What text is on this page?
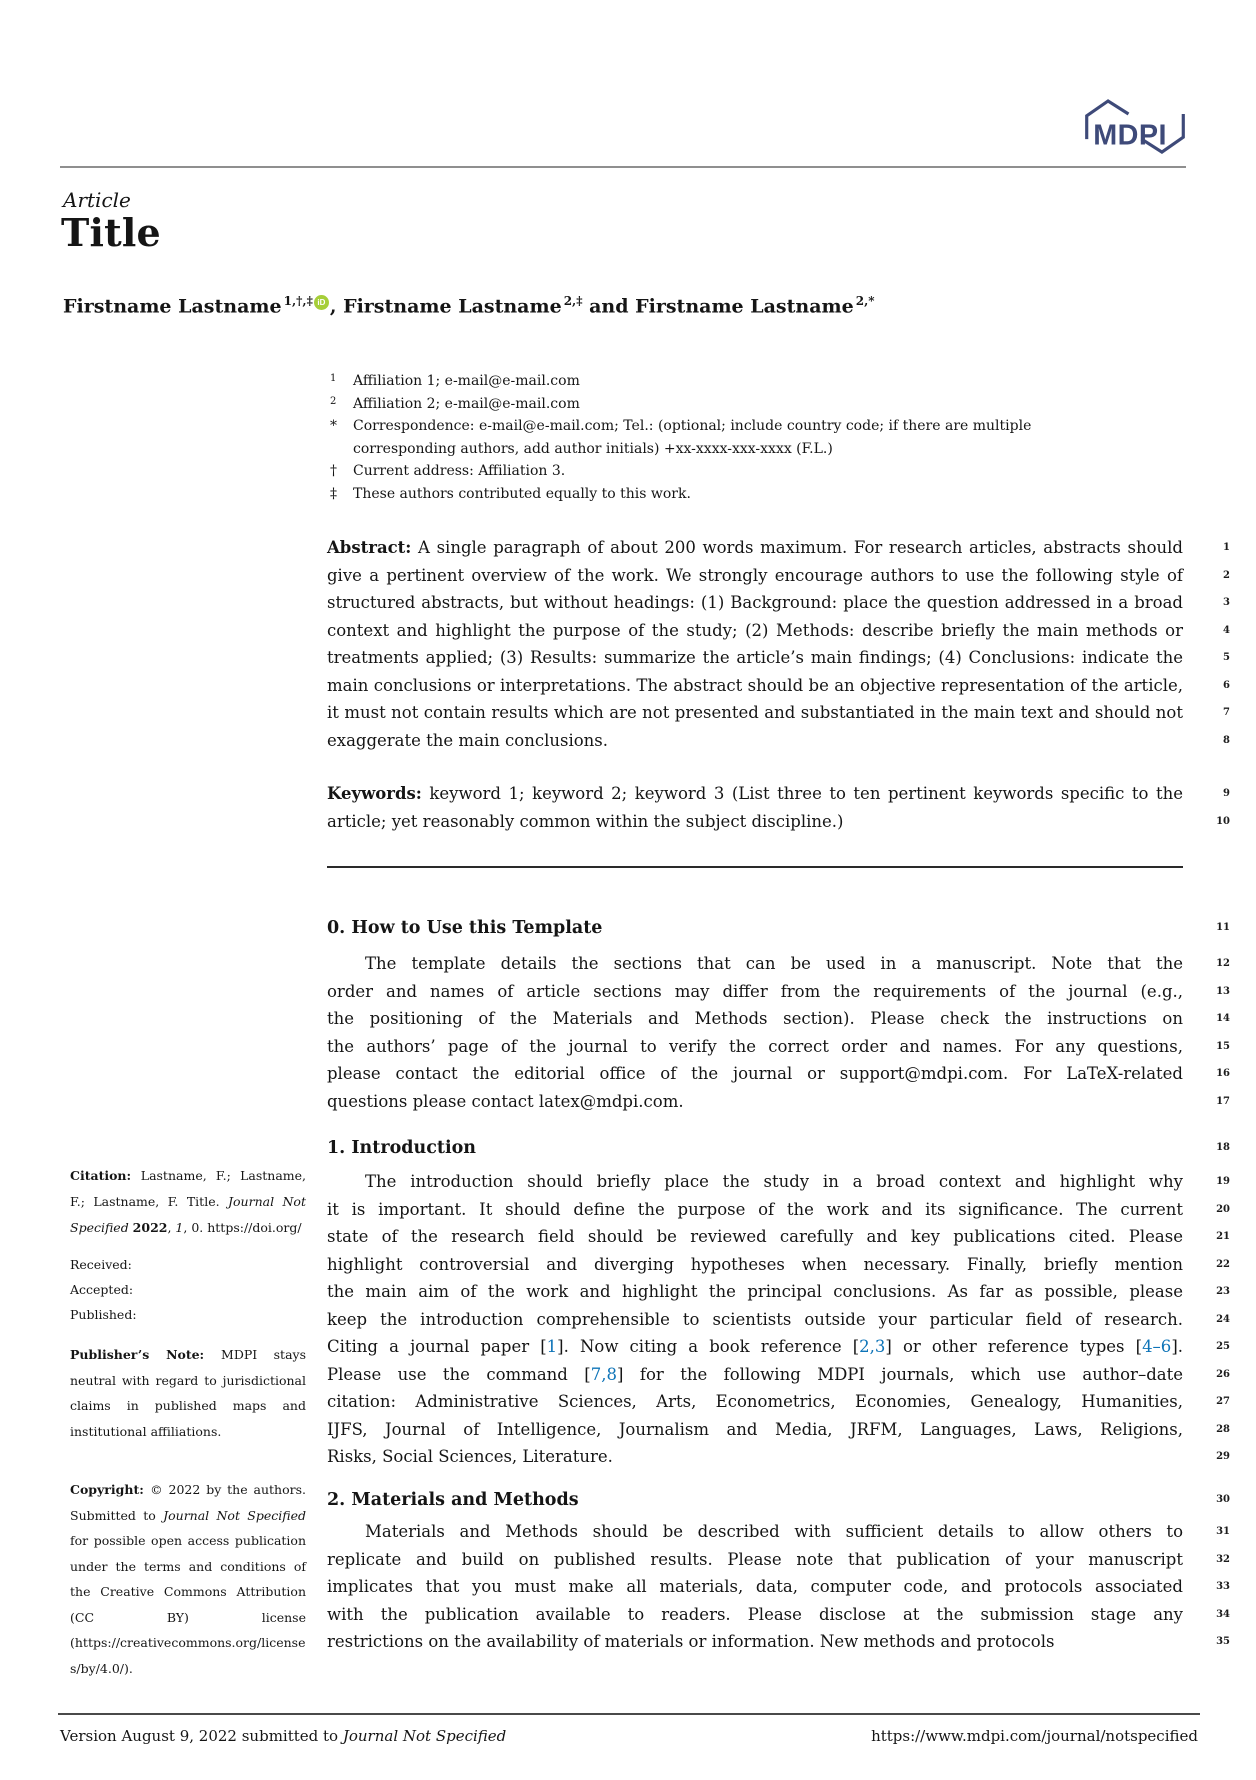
MDPI
Article
Title
Firstname Lastname $^{1,\dagger,\ddagger}$ iD , Firstname Lastname $^{2,\ddagger}$ and Firstname Lastname $^{2,*}$
1	Affiliation 1; e-mail@e-mail.com
2	Affiliation 2; e-mail@e-mail.com
*	Correspondence: e-mail@e-mail.com; Tel.: (optional; include country code; if there are multiple
corresponding authors, add author initials) +xx-xxxx-xxx-xxxx (F.L.)
†	Current address: Affiliation 3.
‡	These authors contributed equally to this work.
Abstract: A single paragraph of about 200 words maximum. For research articles, abstracts should
give a pertinent overview of the work. We strongly encourage authors to use the following style of
structured abstracts, but without headings: (1) Background: place the question addressed in a broad
context and highlight the purpose of the study; (2) Methods: describe briefly the main methods or
treatments applied; (3) Results: summarize the article’s main findings; (4) Conclusions: indicate the
main conclusions or interpretations. The abstract should be an objective representation of the article,
it must not contain results which are not presented and substantiated in the main text and should not
exaggerate the main conclusions.
1
2
3
4
5
6
7
8
Keywords: keyword 1; keyword 2; keyword 3 (List three to ten pertinent keywords specific to the
article; yet reasonably common within the subject discipline.)
9
10
0. How to Use this Template	11
The template details the sections that can be used in a manuscript. Note that the
order and names of article sections may differ from the requirements of the journal (e.g.,
the positioning of the Materials and Methods section). Please check the instructions on
the authors’ page of the journal to verify the correct order and names. For any questions,
please contact the editorial office of the journal or support@mdpi.com. For LaTeX-related
questions please contact latex@mdpi.com.
12
13
14
15
16
17
1. Introduction	18
The introduction should briefly place the study in a broad context and highlight why
it is important. It should define the purpose of the work and its significance. The current
state of the research field should be reviewed carefully and key publications cited. Please
highlight controversial and diverging hypotheses when necessary. Finally, briefly mention
the main aim of the work and highlight the principal conclusions. As far as possible, please
keep the introduction comprehensible to scientists outside your particular field of research.
Citing a journal paper [1]. Now citing a book reference [2,3] or other reference types [4–6].
Please use the command [7,8] for the following MDPI journals, which use author–date
citation: Administrative Sciences, Arts, Econometrics, Economies, Genealogy, Humanities,
IJFS, Journal of Intelligence, Journalism and Media, JRFM, Languages, Laws, Religions,
Risks, Social Sciences, Literature.
19
20
21
22
23
24
25
26
27
28
29
2. Materials and Methods	30
Materials and Methods should be described with sufficient details to allow others to
replicate and build on published results. Please note that publication of your manuscript
implicates that you must make all materials, data, computer code, and protocols associated
with the publication available to readers. Please disclose at the submission stage any
restrictions on the availability of materials or information. New methods and protocols
31
32
33
34
35
Citation: Lastname, F.; Lastname, F.; Lastname, F. Title. Journal Not Specified 2022, 1, 0. https://doi.org/
Received:
Accepted:
Published:
Publisher’s Note: MDPI stays neutral with regard to jurisdictional claims in published maps and institutional affiliations.
Copyright: © 2022 by the authors. Submitted to Journal Not Specified for possible open access publication under the terms and conditions of the Creative Commons Attribution (CC BY) license (https://creativecommons.org/licenses/by/4.0/).
Version August 9, 2022 submitted to Journal Not Specified	https://www.mdpi.com/journal/notspecified
